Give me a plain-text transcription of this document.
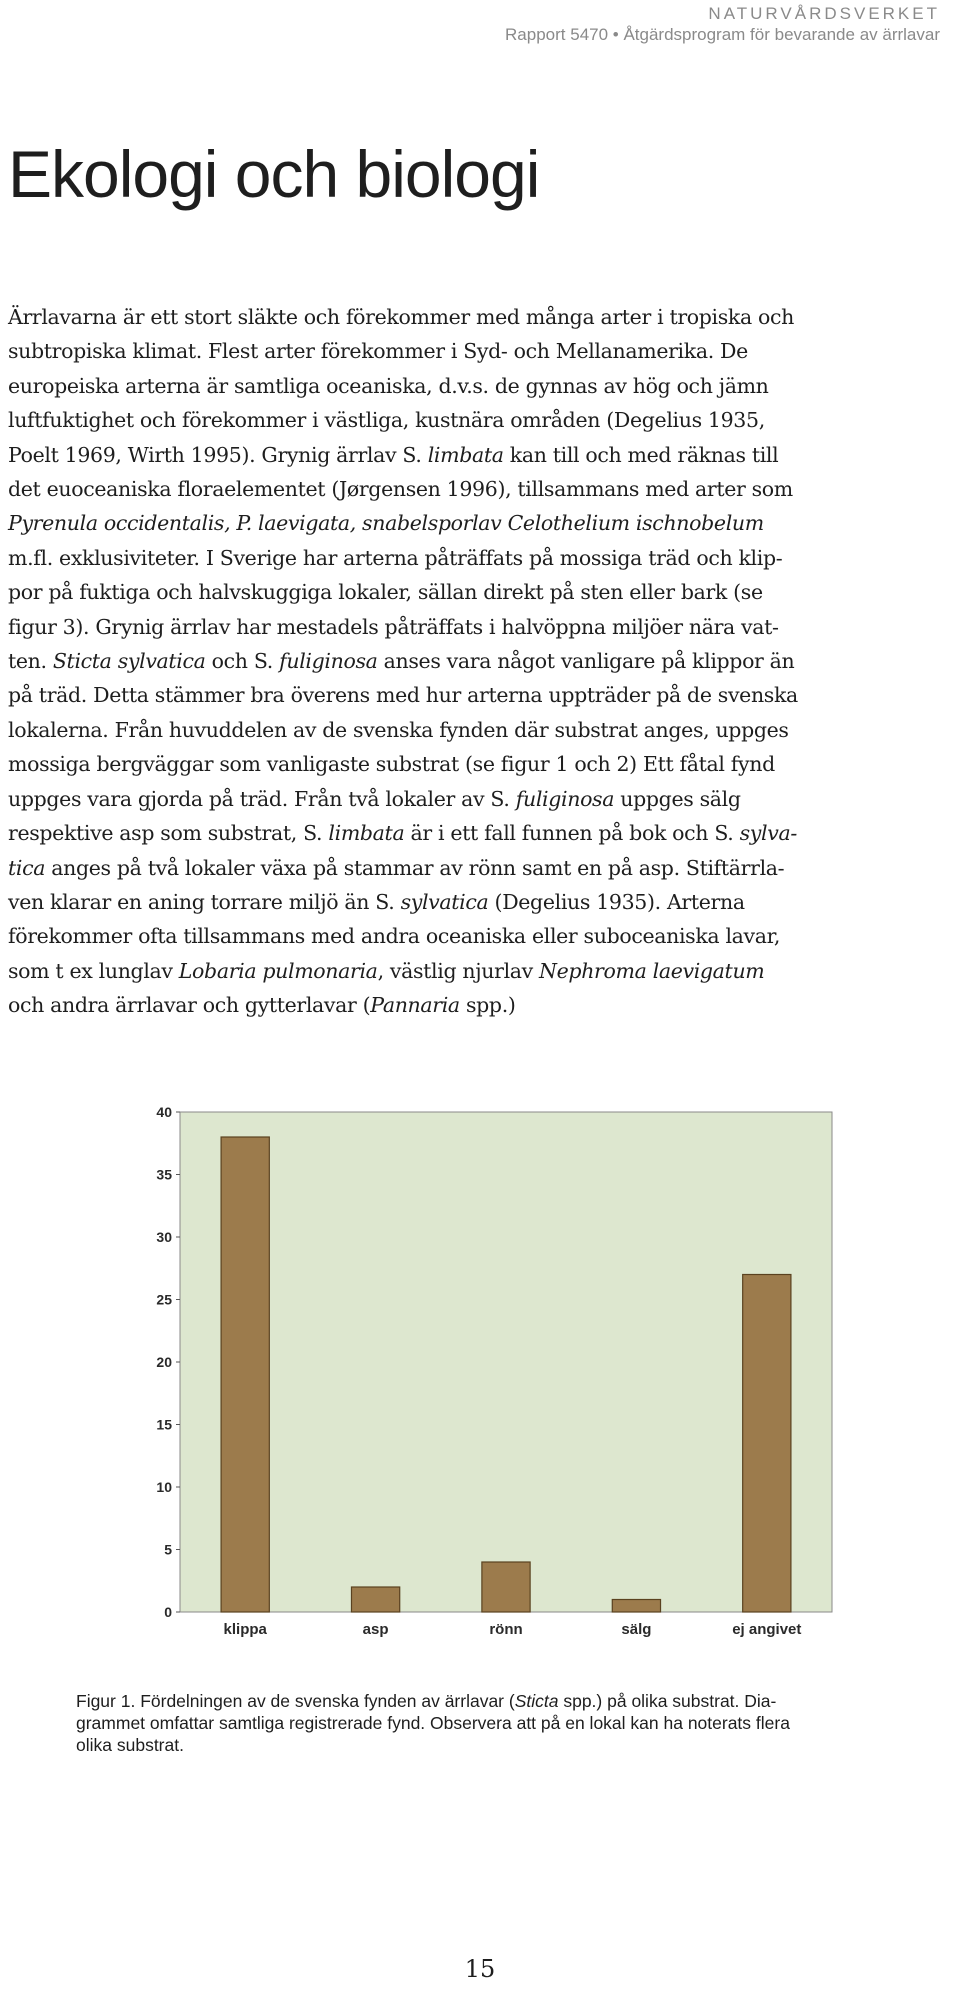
NATURVÅRDSVERKET
Rapport 5470 • Åtgärdsprogram för bevarande av ärrlavar
Ekologi och biologi
Ärrlavarna är ett stort släkte och förekommer med många arter i tropiska och
subtropiska klimat. Flest arter förekommer i Syd- och Mellanamerika. De
europeiska arterna är samtliga oceaniska, d.v.s. de gynnas av hög och jämn
luftfuktighet och förekommer i västliga, kustnära områden (Degelius 1935,
Poelt 1969, Wirth 1995). Grynig ärrlav S. limbata kan till och med räknas till
det euoceaniska floraelementet (Jørgensen 1996), tillsammans med arter som
Pyrenula occidentalis, P. laevigata, snabelsporlav Celothelium ischnobelum
m.fl. exklusiviteter. I Sverige har arterna påträffats på mossiga träd och klip-
por på fuktiga och halvskuggiga lokaler, sällan direkt på sten eller bark (se
figur 3). Grynig ärrlav har mestadels påträffats i halvöppna miljöer nära vat-
ten. Sticta sylvatica och S. fuliginosa anses vara något vanligare på klippor än
på träd. Detta stämmer bra överens med hur arterna uppträder på de svenska
lokalerna. Från huvuddelen av de svenska fynden där substrat anges, uppges
mossiga bergväggar som vanligaste substrat (se figur 1 och 2) Ett fåtal fynd
uppges vara gjorda på träd. Från två lokaler av S. fuliginosa uppges sälg
respektive asp som substrat, S. limbata är i ett fall funnen på bok och S. sylva-
tica anges på två lokaler växa på stammar av rönn samt en på asp. Stiftärrla-
ven klarar en aning torrare miljö än S. sylvatica (Degelius 1935). Arterna
förekommer ofta tillsammans med andra oceaniska eller suboceaniska lavar,
som t ex lunglav Lobaria pulmonaria, västlig njurlav Nephroma laevigatum
och andra ärrlavar och gytterlavar (Pannaria spp.)
0
5
10
15
20
25
30
35
40
klippa	asp	rönn	sälg	ej angivet
Figur 1. Fördelningen av de svenska fynden av ärrlavar (Sticta spp.) på olika substrat. Dia-
grammet omfattar samtliga registrerade fynd. Observera att på en lokal kan ha noterats flera
olika substrat.
15
